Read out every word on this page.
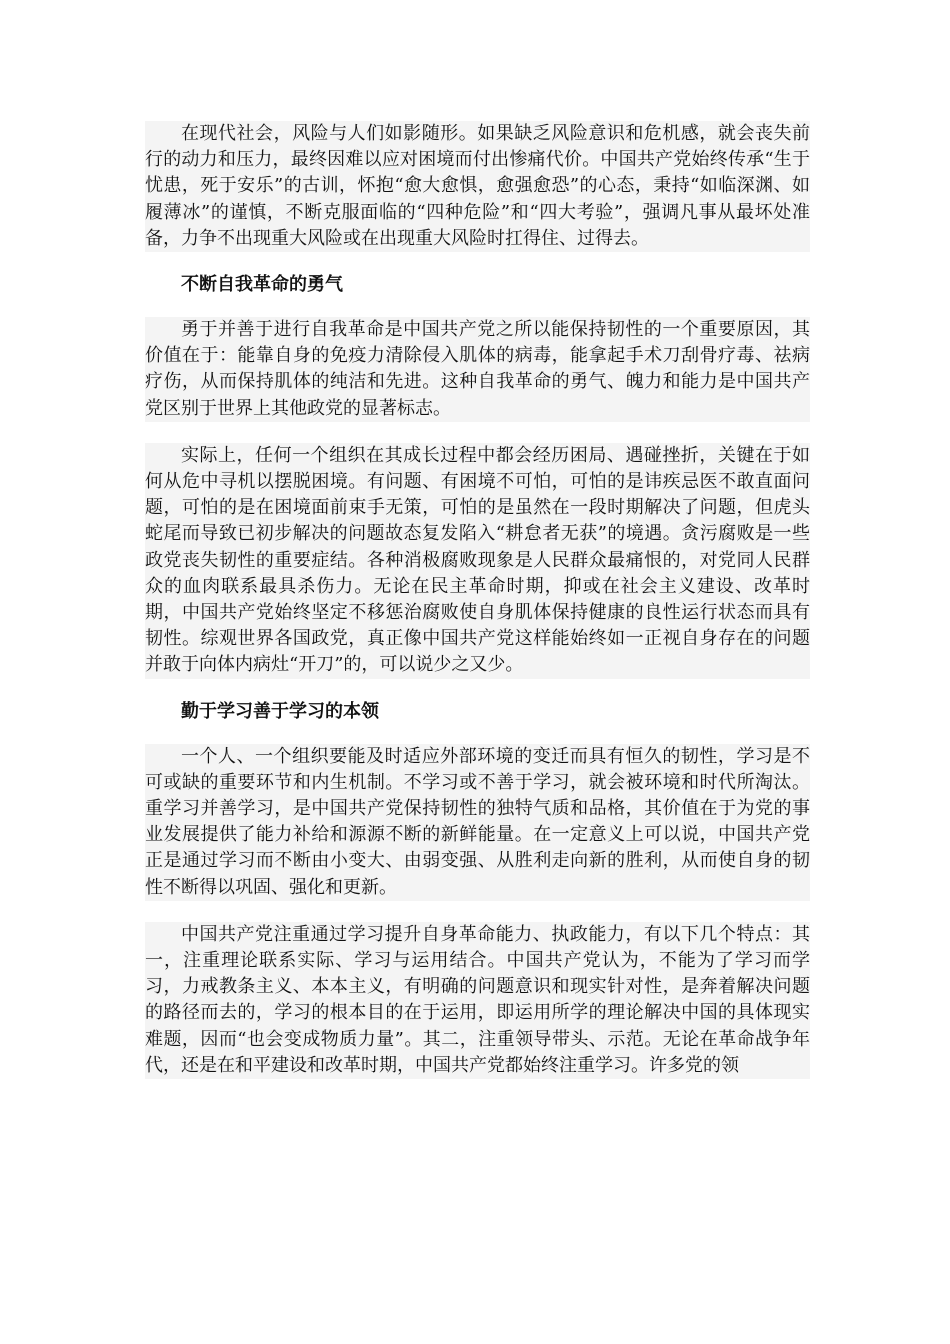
在现代社会，风险与人们如影随形。如果缺乏风险意识和危机感，就会丧失前行的动力和压力，最终因难以应对困境而付出惨痛代价。中国共产党始终传承“生于忧患，死于安乐”的古训，怀抱“愈大愈惧，愈强愈恐”的心态，秉持“如临深渊、如履薄冰”的谨慎，不断克服面临的“四种危险”和“四大考验”，强调凡事从最坏处准备，力争不出现重大风险或在出现重大风险时扛得住、过得去。

不断自我革命的勇气

勇于并善于进行自我革命是中国共产党之所以能保持韧性的一个重要原因，其价值在于：能靠自身的免疫力清除侵入肌体的病毒，能拿起手术刀刮骨疗毒、祛病疗伤，从而保持肌体的纯洁和先进。这种自我革命的勇气、魄力和能力是中国共产党区别于世界上其他政党的显著标志。

实际上，任何一个组织在其成长过程中都会经历困局、遇碰挫折，关键在于如何从危中寻机以摆脱困境。有问题、有困境不可怕，可怕的是讳疾忌医不敢直面问题，可怕的是在困境面前束手无策，可怕的是虽然在一段时期解决了问题，但虎头蛇尾而导致已初步解决的问题故态复发陷入“耕怠者无获”的境遇。贪污腐败是一些政党丧失韧性的重要症结。各种消极腐败现象是人民群众最痛恨的，对党同人民群众的血肉联系最具杀伤力。无论在民主革命时期，抑或在社会主义建设、改革时期，中国共产党始终坚定不移惩治腐败使自身肌体保持健康的良性运行状态而具有韧性。综观世界各国政党，真正像中国共产党这样能始终如一正视自身存在的问题并敢于向体内病灶“开刀”的，可以说少之又少。

勤于学习善于学习的本领

一个人、一个组织要能及时适应外部环境的变迁而具有恒久的韧性，学习是不可或缺的重要环节和内生机制。不学习或不善于学习，就会被环境和时代所淘汰。重学习并善学习，是中国共产党保持韧性的独特气质和品格，其价值在于为党的事业发展提供了能力补给和源源不断的新鲜能量。在一定意义上可以说，中国共产党正是通过学习而不断由小变大、由弱变强、从胜利走向新的胜利，从而使自身的韧性不断得以巩固、强化和更新。

中国共产党注重通过学习提升自身革命能力、执政能力，有以下几个特点：其一，注重理论联系实际、学习与运用结合。中国共产党认为，不能为了学习而学习，力戒教条主义、本本主义，有明确的问题意识和现实针对性，是奔着解决问题的路径而去的，学习的根本目的在于运用，即运用所学的理论解决中国的具体现实难题，因而“也会变成物质力量”。其二，注重领导带头、示范。无论在革命战争年代，还是在和平建设和改革时期，中国共产党都始终注重学习。许多党的领
